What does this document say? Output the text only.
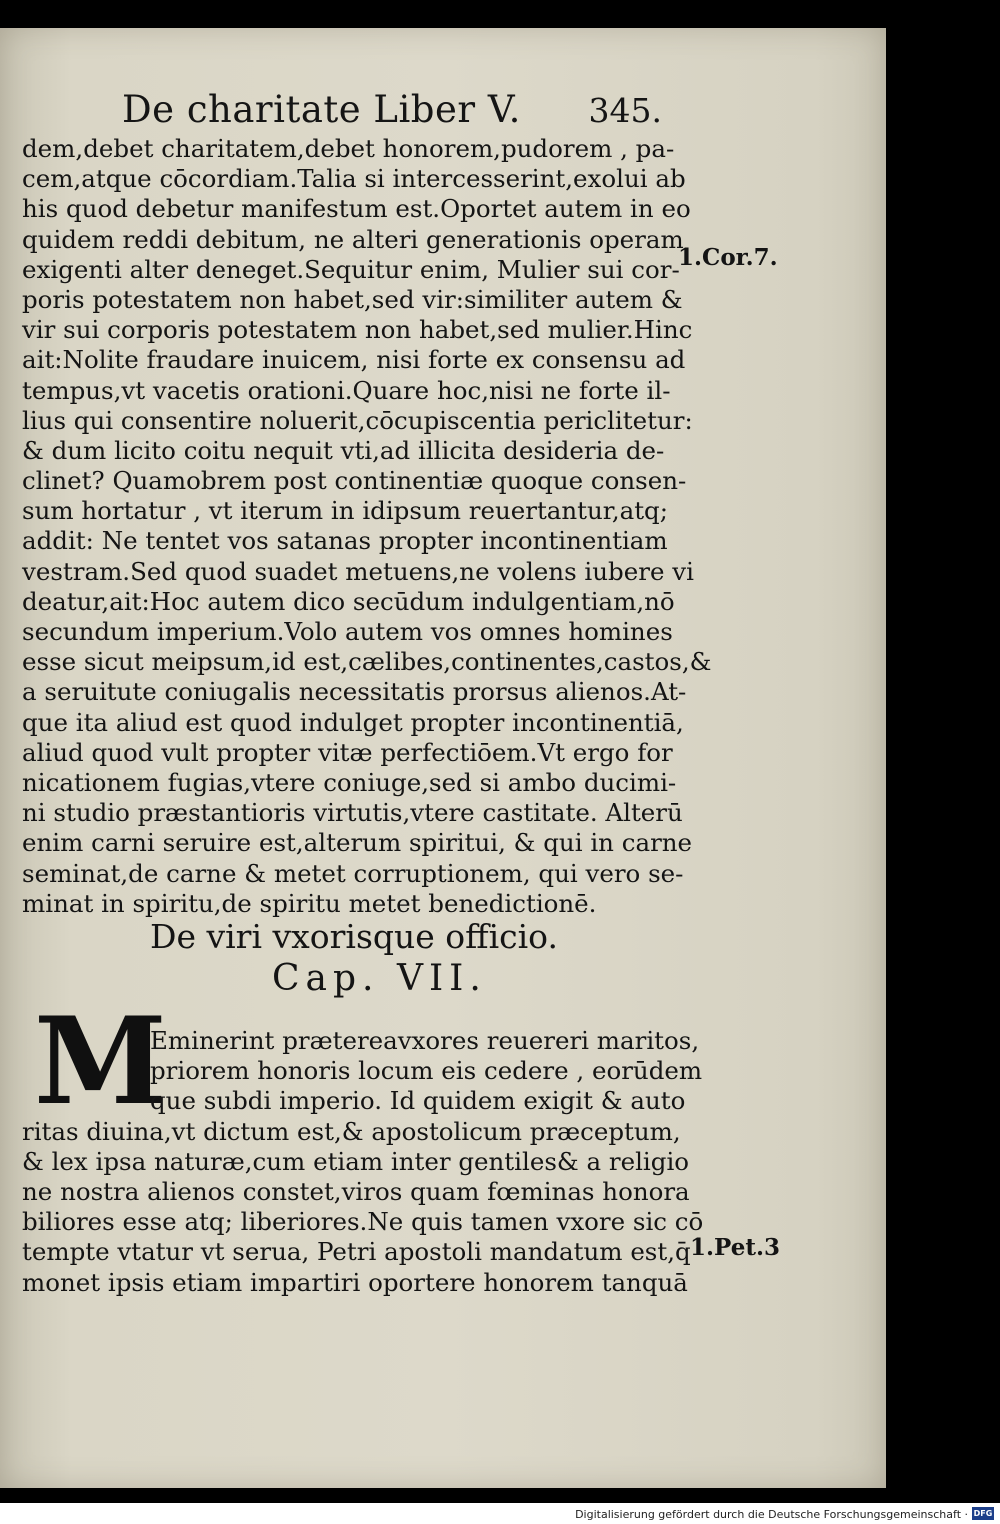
De charitate Liber V. 345.
dem,debet charitatem,debet honorem,pudorem , pa-
cem,atque cōcordiam.Talia si intercesserint,exolui ab
his quod debetur manifestum est.Oportet autem in eo
quidem reddi debitum, ne alteri generationis operam
exigenti alter deneget.Sequitur enim, Mulier sui cor-
poris potestatem non habet,sed vir:similiter autem &
vir sui corporis potestatem non habet,sed mulier.Hinc
ait:Nolite fraudare inuicem, nisi forte ex consensu ad
tempus,vt vacetis orationi.Quare hoc,nisi ne forte il-
lius qui consentire noluerit,cōcupiscentia periclitetur:
& dum licito coitu nequit vti,ad illicita desideria de-
clinet? Quamobrem post continentiæ quoque consen-
sum hortatur , vt iterum in idipsum reuertantur,atq;
addit: Ne tentet vos satanas propter incontinentiam
vestram.Sed quod suadet metuens,ne volens iubere vi
deatur,ait:Hoc autem dico secūdum indulgentiam,nō
secundum imperium.Volo autem vos omnes homines
esse sicut meipsum,id est,cælibes,continentes,castos,&
a seruitute coniugalis necessitatis prorsus alienos.At-
que ita aliud est quod indulget propter incontinentiā,
aliud quod vult propter vitæ perfectiōem.Vt ergo for
nicationem fugias,vtere coniuge,sed si ambo ducimi-
ni studio præstantioris virtutis,vtere castitate. Alterū
enim carni seruire est,alterum spiritui, & qui in carne
seminat,de carne & metet corruptionem, qui vero se-
minat in spiritu,de spiritu metet benedictionē.
1.Cor.7.
De viri vxorisque officio.
Cap. VII.
M
Eminerint prætereavxores reuereri maritos,
priorem honoris locum eis cedere , eorūdem
que subdi imperio. Id quidem exigit & auto
ritas diuina,vt dictum est,& apostolicum præceptum,
& lex ipsa naturæ,cum etiam inter gentiles& a religio
ne nostra alienos constet,viros quam fœminas honora
biliores esse atq; liberiores.Ne quis tamen vxore sic cō
tempte vtatur vt serua, Petri apostoli mandatum est,q̄
monet ipsis etiam impartiri oportere honorem tanquā
1.Pet.3
Digitalisierung gefördert durch die Deutsche Forschungsgemeinschaft · DFG
